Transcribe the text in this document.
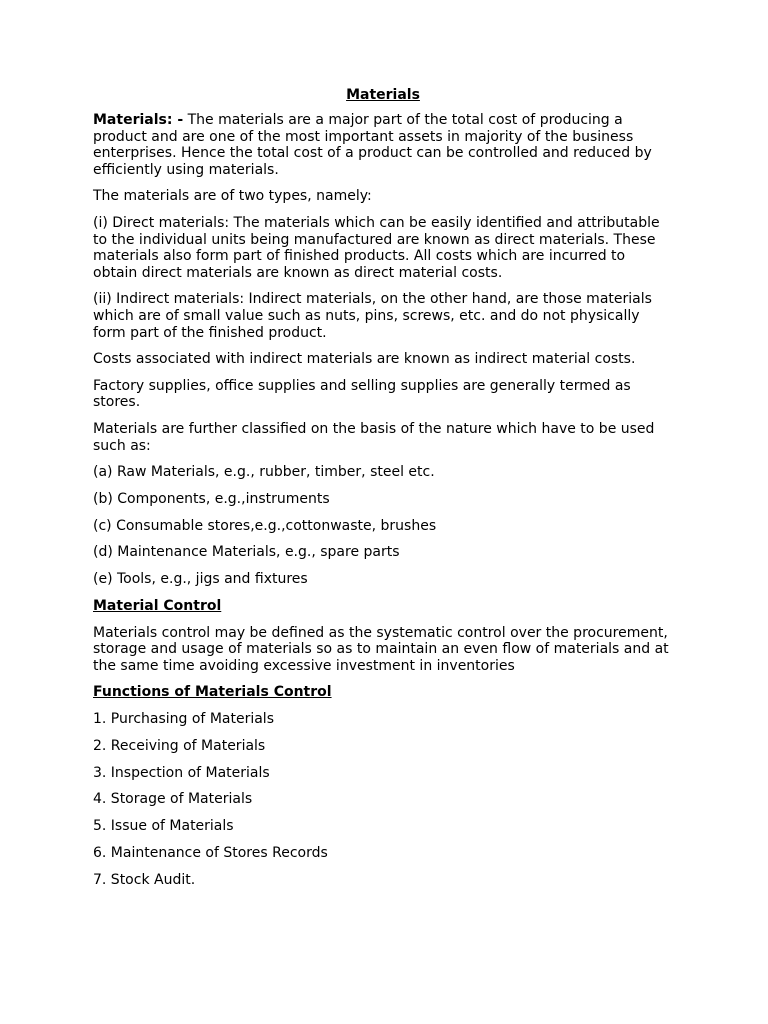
Materials

Materials: - The materials are a major part of the total cost of producing a product and are one of the most important assets in majority of the business enterprises. Hence the total cost of a product can be controlled and reduced by efficiently using materials.

The materials are of two types, namely:

(i) Direct materials: The materials which can be easily identified and attributable to the individual units being manufactured are known as direct materials. These materials also form part of finished products. All costs which are incurred to obtain direct materials are known as direct material costs.

(ii) Indirect materials: Indirect materials, on the other hand, are those materials which are of small value such as nuts, pins, screws, etc. and do not physically form part of the finished product.

Costs associated with indirect materials are known as indirect material costs.

Factory supplies, office supplies and selling supplies are generally termed as stores.

Materials are further classified on the basis of the nature which have to be used such as:

(a) Raw Materials, e.g., rubber, timber, steel etc.

(b) Components, e.g.,instruments

(c) Consumable stores,e.g.,cottonwaste, brushes

(d) Maintenance Materials, e.g., spare parts

(e) Tools, e.g., jigs and fixtures

Material Control

Materials control may be defined as the systematic control over the procurement, storage and usage of materials so as to maintain an even flow of materials and at the same time avoiding excessive investment in inventories

Functions of Materials Control

1. Purchasing of Materials

2. Receiving of Materials

3. Inspection of Materials

4. Storage of Materials

5. Issue of Materials

6. Maintenance of Stores Records

7. Stock Audit.
